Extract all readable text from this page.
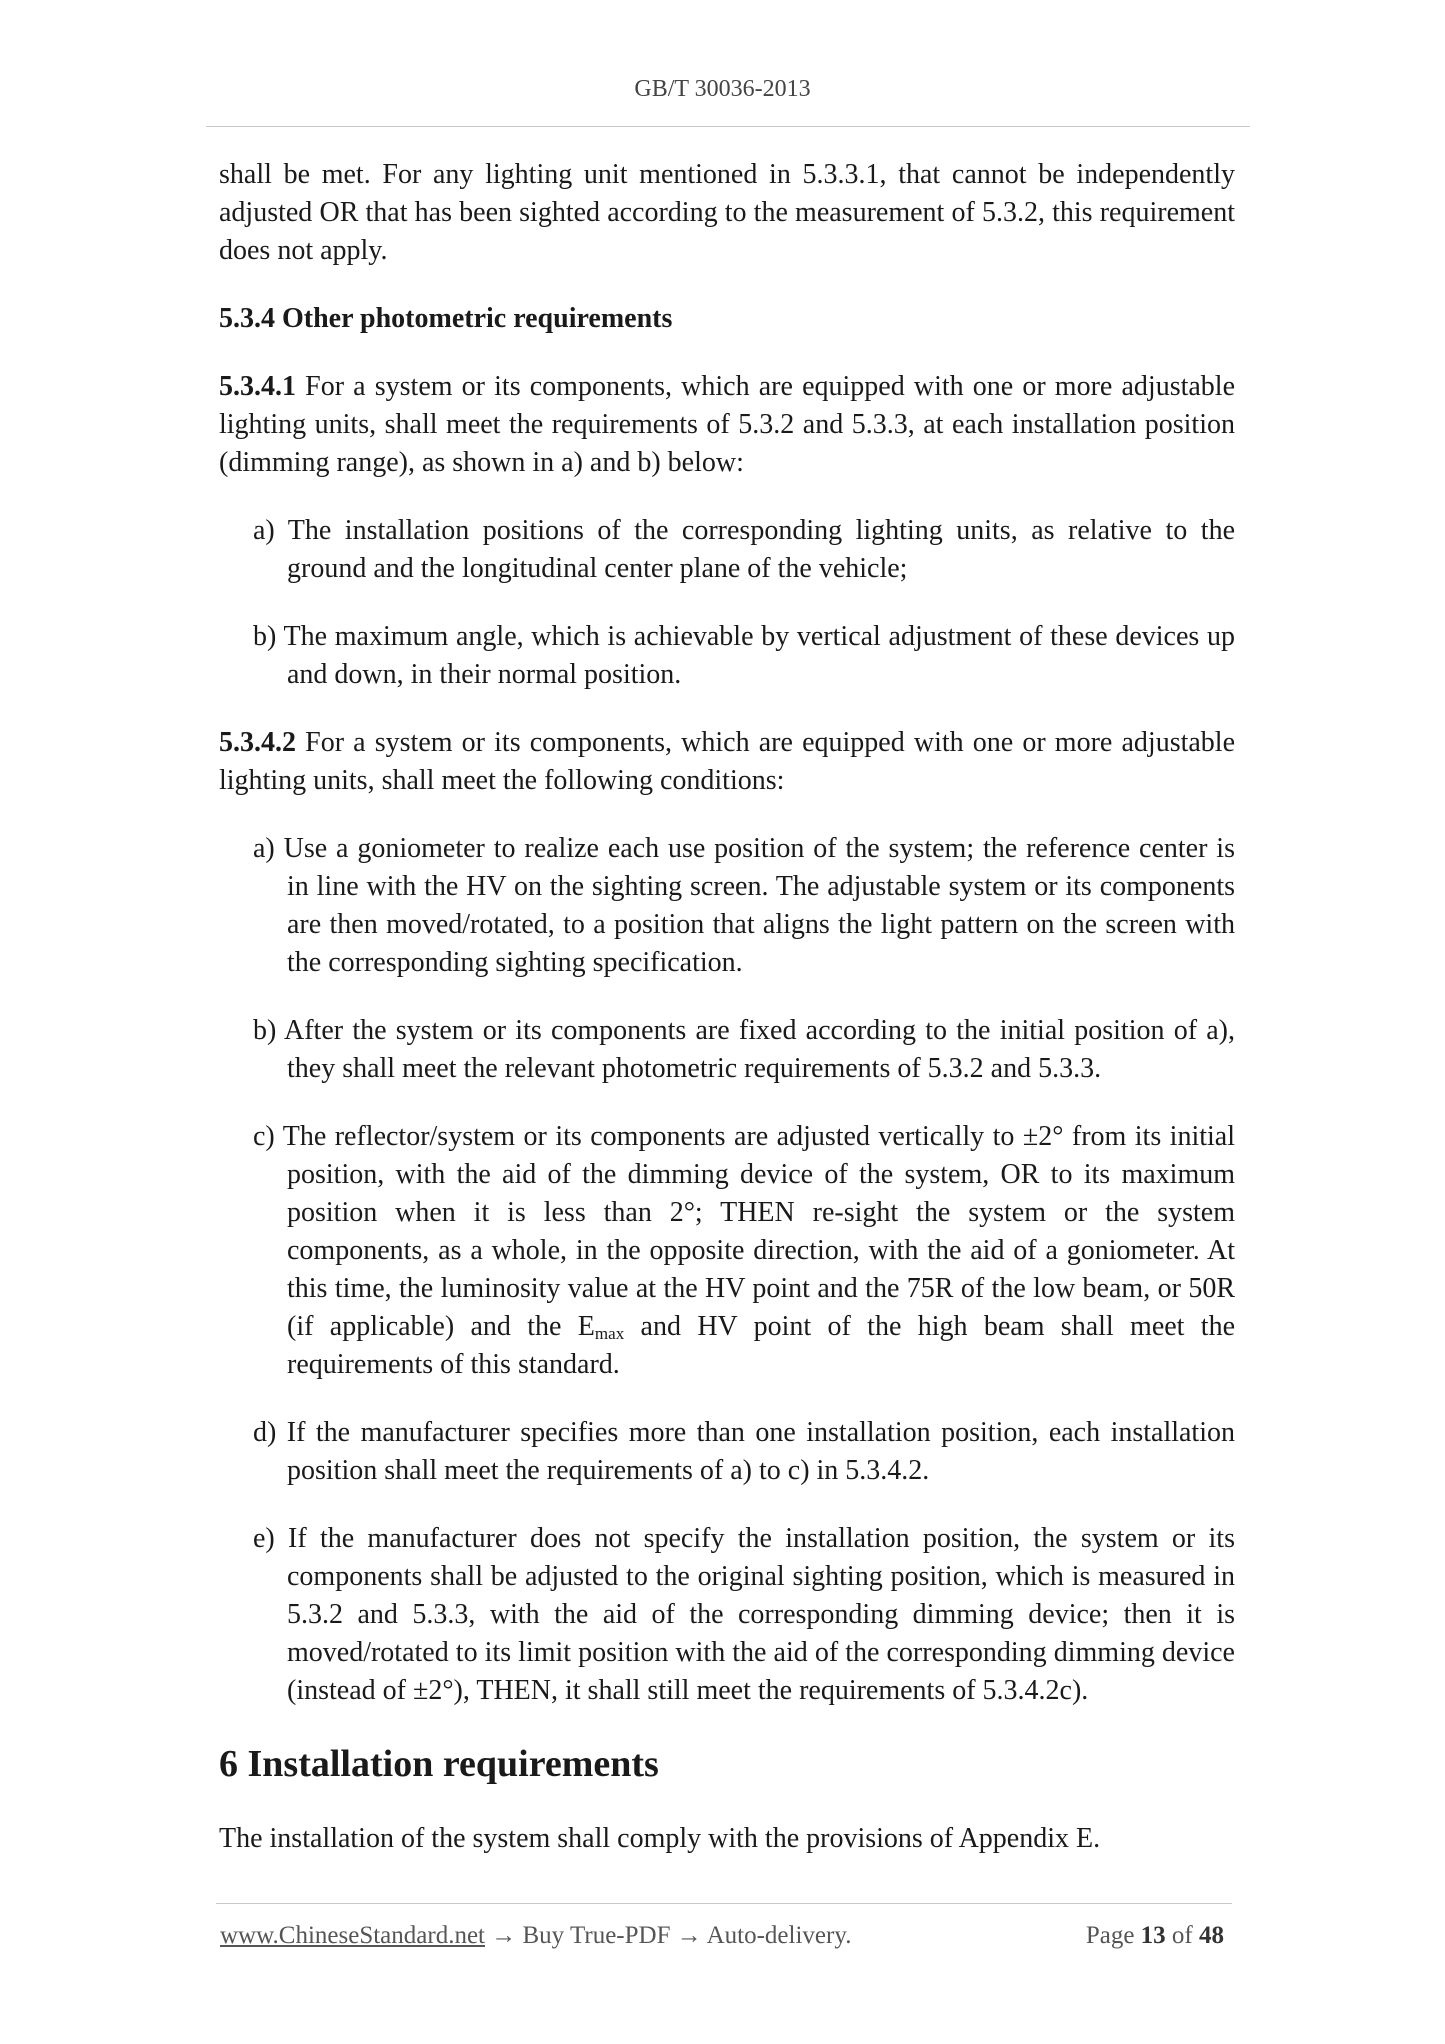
GB/T 30036-2013

shall be met. For any lighting unit mentioned in 5.3.3.1, that cannot be independently adjusted OR that has been sighted according to the measurement of 5.3.2, this requirement does not apply.

5.3.4 Other photometric requirements

5.3.4.1 For a system or its components, which are equipped with one or more adjustable lighting units, shall meet the requirements of 5.3.2 and 5.3.3, at each installation position (dimming range), as shown in a) and b) below:

a) The installation positions of the corresponding lighting units, as relative to the ground and the longitudinal center plane of the vehicle;

b) The maximum angle, which is achievable by vertical adjustment of these devices up and down, in their normal position.

5.3.4.2 For a system or its components, which are equipped with one or more adjustable lighting units, shall meet the following conditions:

a) Use a goniometer to realize each use position of the system; the reference center is in line with the HV on the sighting screen. The adjustable system or its components are then moved/rotated, to a position that aligns the light pattern on the screen with the corresponding sighting specification.

b) After the system or its components are fixed according to the initial position of a), they shall meet the relevant photometric requirements of 5.3.2 and 5.3.3.

c) The reflector/system or its components are adjusted vertically to ±2° from its initial position, with the aid of the dimming device of the system, OR to its maximum position when it is less than 2°; THEN re-sight the system or the system components, as a whole, in the opposite direction, with the aid of a goniometer. At this time, the luminosity value at the HV point and the 75R of the low beam, or 50R (if applicable) and the $E_{max}$ and HV point of the high beam shall meet the requirements of this standard.

d) If the manufacturer specifies more than one installation position, each installation position shall meet the requirements of a) to c) in 5.3.4.2.

e) If the manufacturer does not specify the installation position, the system or its components shall be adjusted to the original sighting position, which is measured in 5.3.2 and 5.3.3, with the aid of the corresponding dimming device; then it is moved/rotated to its limit position with the aid of the corresponding dimming device (instead of ±2°), THEN, it shall still meet the requirements of 5.3.4.2c).

6 Installation requirements

The installation of the system shall comply with the provisions of Appendix E.

www.ChineseStandard.net → Buy True-PDF → Auto-delivery.	Page 13 of 48
